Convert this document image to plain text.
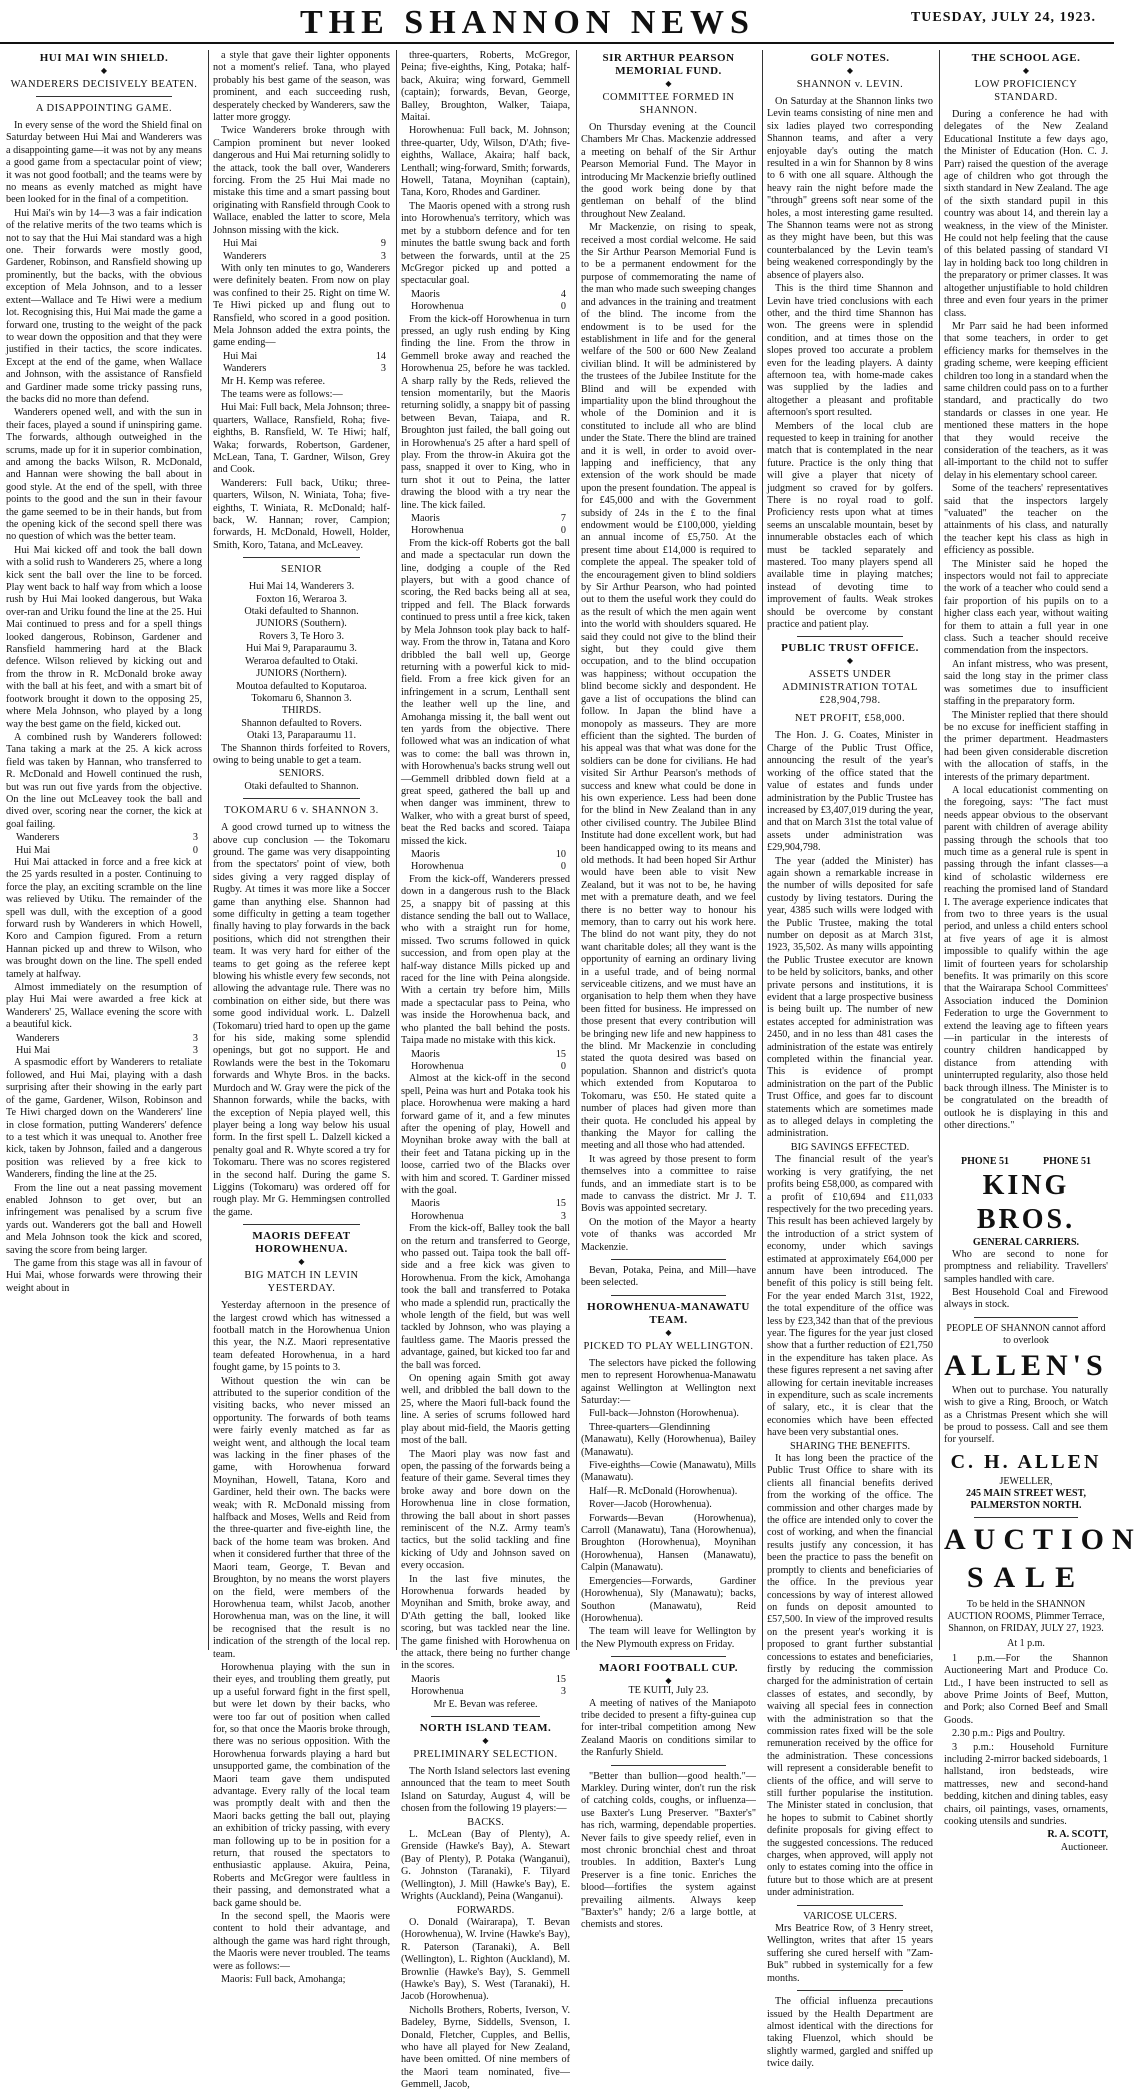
THE SHANNON NEWS	TUESDAY, JULY 24, 1923.
HUI MAI WIN SHIELD.
◆
WANDERERS DECISIVELY BEATEN.
A DISAPPOINTING GAME.

In every sense of the word the Shield final on Saturday between Hui Mai and Wanderers was a disappointing game—it was not by any means a good game from a spectacular point of view; it was not good football; and the teams were by no means as evenly matched as might have been looked for in the final of a competition.

Hui Mai's win by 14—3 was a fair indication of the relative merits of the two teams which is not to say that the Hui Mai standard was a high one. Their forwards were mostly good, Gardener, Robinson, and Ransfield showing up prominently, but the backs, with the obvious exception of Mela Johnson, and to a lesser extent—Wallace and Te Hiwi were a medium lot. Recognising this, Hui Mai made the game a forward one, trusting to the weight of the pack to wear down the opposition and that they were justified in their tactics, the score indicates. Except at the end of the game, when Wallace and Johnson, with the assistance of Ransfield and Gardiner made some tricky passing runs, the backs did no more than defend.

Wanderers opened well, and with the sun in their faces, played a sound if uninspiring game. The forwards, although outweighed in the scrums, made up for it in superior combination, and among the backs Wilson, R. McDonald, and Hannan were showing the ball about in good style. At the end of the spell, with three points to the good and the sun in their favour the game seemed to be in their hands, but from the opening kick of the second spell there was no question of which was the better team.

Hui Mai kicked off and took the ball down with a solid rush to Wanderers 25, where a long kick sent the ball over the line to be forced. Play went back to half way from which a loose rush by Hui Mai looked dangerous, but Waka over-ran and Uriku found the line at the 25. Hui Mai continued to press and for a spell things looked dangerous, Robinson, Gardener and Ransfield hammering hard at the Black defence. Wilson relieved by kicking out and from the throw in R. McDonald broke away with the ball at his feet, and with a smart bit of footwork brought it down to the opposing 25, where Mela Johnson, who played by a long way the best game on the field, kicked out.

A combined rush by Wanderers followed: Tana taking a mark at the 25. A kick across field was taken by Hannan, who transferred to R. McDonald and Howell continued the rush, but was run out five yards from the objective. On the line out McLeavey took the ball and dived over, scoring near the corner, the kick at goal failing.

Wanderers	3
Hui Mai	0

Hui Mai attacked in force and a free kick at the 25 yards resulted in a poster. Continuing to force the play, an exciting scramble on the line was relieved by Utiku. The remainder of the spell was dull, with the exception of a good forward rush by Wanderers in which Howell, Koro and Campion figured. From a return Hannan picked up and threw to Wilson, who was brought down on the line. The spell ended tamely at halfway.

Almost immediately on the resumption of play Hui Mai were awarded a free kick at Wanderers' 25, Wallace evening the score with a beautiful kick.

Wanderers	3
Hui Mai	3

A spasmodic effort by Wanderers to retaliate followed, and Hui Mai, playing with a dash surprising after their showing in the early part of the game, Gardener, Wilson, Robinson and Te Hiwi charged down on the Wanderers' line in close formation, putting Wanderers' defence to a test which it was unequal to. Another free kick, taken by Johnson, failed and a dangerous position was relieved by a free kick to Wanderers, finding the line at the 25.

From the line out a neat passing movement enabled Johnson to get over, but an infringement was penalised by a scrum five yards out. Wanderers got the ball and Howell and Mela Johnson took the kick and scored, saving the score from being larger.

The game from this stage was all in favour of Hui Mai, whose forwards were throwing their weight about in

a style that gave their lighter opponents not a moment's relief. Tana, who played probably his best game of the season, was prominent, and each succeeding rush, desperately checked by Wanderers, saw the latter more groggy.

Twice Wanderers broke through with Campion prominent but never looked dangerous and Hui Mai returning solidly to the attack, took the ball over, Wanderers forcing. From the 25 Hui Mai made no mistake this time and a smart passing bout originating with Ransfield through Cook to Wallace, enabled the latter to score, Mela Johnson missing with the kick.

Hui Mai	9
Wanderers	3

With only ten minutes to go, Wanderers were definitely beaten. From now on play was confined to their 25. Right on time W. Te Hiwi picked up and flung out to Ransfield, who scored in a good position. Mela Johnson added the extra points, the game ending—

Hui Mai	14
Wanderers	3

Mr H. Kemp was referee.

The teams were as follows:—

Hui Mai: Full back, Mela Johnson; three-quarters, Wallace, Ransfield, Roha; five-eighths, B. Ransfield, W. Te Hiwi; half, Waka; forwards, Robertson, Gardener, McLean, Tana, T. Gardner, Wilson, Grey and Cook.

Wanderers: Full back, Utiku; three-quarters, Wilson, N. Winiata, Toha; five-eighths, T. Winiata, R. McDonald; half-back, W. Hannan; rover, Campion; forwards, H. McDonald, Howell, Holder, Smith, Koro, Tatana, and McLeavey.

SENIOR
Hui Mai 14, Wanderers 3.
Foxton 16, Weraroa 3.
Otaki defaulted to Shannon.
JUNIORS (Southern).
Rovers 3, Te Horo 3.
Hui Mai 9, Paraparaumu 3.
Weraroa defaulted to Otaki.
JUNIORS (Northern).
Moutoa defaulted to Koputaroa.
Tokomaru 6, Shannon 3.
THIRDS.
Shannon defaulted to Rovers.
Otaki 13, Paraparaumu 11.

The Shannon thirds forfeited to Rovers, owing to being unable to get a team.

SENIORS.
Otaki defaulted to Shannon.
TOKOMARU 6 v. SHANNON 3.

A good crowd turned up to witness the above cup conclusion — the Tokomaru ground. The game was very disappointing from the spectators' point of view, both sides giving a very ragged display of Rugby. At times it was more like a Soccer game than anything else. Shannon had some difficulty in getting a team together finally having to play forwards in the back positions, which did not strengthen their team. It was very hard for either of the teams to get going as the referee kept blowing his whistle every few seconds, not allowing the advantage rule. There was no combination on either side, but there was some good individual work. L. Dalzell (Tokomaru) tried hard to open up the game for his side, making some splendid openings, but got no support. He and Rowlands were the best in the Tokomaru forwards and Whyte Bros. in the backs. Murdoch and W. Gray were the pick of the Shannon forwards, while the backs, with the exception of Nepia played well, this player being a long way below his usual form. In the first spell L. Dalzell kicked a penalty goal and R. Whyte scored a try for Tokomaru. There was no scores registered in the second half. During the game S. Liggins (Tokomaru) was ordered off for rough play. Mr G. Hemmingsen controlled the game.

MAORIS DEFEAT HOROWHENUA.
◆
BIG MATCH IN LEVIN YESTERDAY.

Yesterday afternoon in the presence of the largest crowd which has witnessed a football match in the Horowhenua Union this year, the N.Z. Maori representative team defeated Horowhenua, in a hard fought game, by 15 points to 3.

Without question the win can be attributed to the superior condition of the visiting backs, who never missed an opportunity. The forwards of both teams were fairly evenly matched as far as weight went, and although the local team was lacking in the finer phases of the game, with Horowhenua forward Moynihan, Howell, Tatana, Koro and Gardiner, held their own. The backs were weak; with R. McDonald missing from halfback and Moses, Wells and Reid from the three-quarter and five-eighth line, the back of the home team was broken. And when it considered further that three of the Maori team, George, T. Bevan and Broughton, by no means the worst players on the field, were members of the Horowhenua team, whilst Jacob, another Horowhenua man, was on the line, it will be recognised that the result is no indication of the strength of the local rep. team.

Horowhenua playing with the sun in their eyes, and troubling them greatly, put up a useful forward fight in the first spell, but were let down by their backs, who were too far out of position when called for, so that once the Maoris broke through, there was no serious opposition. With the Horowhenua forwards playing a hard but unsupported game, the combination of the Maori team gave them undisputed advantage. Every rally of the local team was promptly dealt with and then the Maori backs getting the ball out, playing an exhibition of tricky passing, with every man following up to be in position for a return, that roused the spectators to enthusiastic applause. Akuira, Peina, Roberts and McGregor were faultless in their passing, and demonstrated what a back game should be.

In the second spell, the Maoris were content to hold their advantage, and although the game was hard right through, the Maoris were never troubled. The teams were as follows:—

Maoris: Full back, Amohanga;

three-quarters, Roberts, McGregor, Peina; five-eighths, King, Potaka; half-back, Akuira; wing forward, Gemmell (captain); forwards, Bevan, George, Balley, Broughton, Walker, Taiapa, Maitai.

Horowhenua: Full back, M. Johnson; three-quarter, Udy, Wilson, D'Ath; five-eighths, Wallace, Akaira; half back, Lenthall; wing-forward, Smith; forwards, Howell, Tatana, Moynihan (captain), Tana, Koro, Rhodes and Gardiner.

The Maoris opened with a strong rush into Horowhenua's territory, which was met by a stubborn defence and for ten minutes the battle swung back and forth between the forwards, until at the 25 McGregor picked up and potted a spectacular goal.

Maoris	4
Horowhenua	0

From the kick-off Horowhenua in turn pressed, an ugly rush ending by King finding the line. From the throw in Gemmell broke away and reached the Horowhenua 25, before he was tackled. A sharp rally by the Reds, relieved the tension momentarily, but the Maoris returning solidly, a snappy bit of passing between Bevan, Taiapa, and R. Broughton just failed, the ball going out in Horowhenua's 25 after a hard spell of play. From the throw-in Akuira got the pass, snapped it over to King, who in turn shot it out to Peina, the latter drawing the blood with a try near the line. The kick failed.

Maoris	7
Horowhenua	0

From the kick-off Roberts got the ball and made a spectacular run down the line, dodging a couple of the Red players, but with a good chance of scoring, the Red backs being all at sea, tripped and fell. The Black forwards continued to press until a free kick, taken by Mela Johnson took play back to half-way. From the throw in, Tatana and Koro dribbled the ball well up, George returning with a powerful kick to mid-field. From a free kick given for an infringement in a scrum, Lenthall sent the leather well up the line, and Amohanga missing it, the ball went out ten yards from the objective. There followed what was an indication of what was to come: the ball was thrown in, with Horowhenua's backs strung well out—Gemmell dribbled down field at a great speed, gathered the ball up and when danger was imminent, threw to Walker, who with a great burst of speed, beat the Red backs and scored. Taiapa missed the kick.

Maoris	10
Horowhenua	0

From the kick-off, Wanderers pressed down in a dangerous rush to the Black 25, a snappy bit of passing at this distance sending the ball out to Wallace, who with a straight run for home, missed. Two scrums followed in quick succession, and from open play at the half-way distance Mills picked up and raced for the line with Peina alongside. With a certain try before him, Mills made a spectacular pass to Peina, who was inside the Horowhenua back, and who planted the ball behind the posts. Taipa made no mistake with this kick.

Maoris	15
Horowhenua	0

Almost at the kick-off in the second spell, Peina was hurt and Potaka took his place. Horowhenua were making a hard forward game of it, and a few minutes after the opening of play, Howell and Moynihan broke away with the ball at their feet and Tatana picking up in the loose, carried two of the Blacks over with him and scored. T. Gardiner missed with the goal.

Maoris	15
Horowhenua	3

From the kick-off, Balley took the ball on the return and transferred to George, who passed out. Taipa took the ball off-side and a free kick was given to Horowhenua. From the kick, Amohanga took the ball and transferred to Potaka who made a splendid run, practically the whole length of the field, but was well tackled by Johnson, who was playing a faultless game. The Maoris pressed the advantage, gained, but kicked too far and the ball was forced.

On opening again Smith got away well, and dribbled the ball down to the 25, where the Maori full-back found the line. A series of scrums followed hard play about mid-field, the Maoris getting most of the ball.

The Maori play was now fast and open, the passing of the forwards being a feature of their game. Several times they broke away and bore down on the Horowhenua line in close formation, throwing the ball about in short passes reminiscent of the N.Z. Army team's tactics, but the solid tackling and fine kicking of Udy and Johnson saved on every occasion.

In the last five minutes, the Horowhenua forwards headed by Moynihan and Smith, broke away, and D'Ath getting the ball, looked like scoring, but was tackled near the line. The game finished with Horowhenua on the attack, there being no further change in the scores.

Maoris	15
Horowhenua	3
Mr E. Bevan was referee.
NORTH ISLAND TEAM.
◆
PRELIMINARY SELECTION.

The North Island selectors last evening announced that the team to meet South Island on Saturday, August 4, will be chosen from the following 19 players:—

BACKS.

L. McLean (Bay of Plenty), A. Grenside (Hawke's Bay), A. Stewart (Bay of Plenty), P. Potaka (Wanganui), G. Johnston (Taranaki), F. Tilyard (Wellington), J. Mill (Hawke's Bay), E. Wrights (Auckland), Peina (Wanganui).

FORWARDS.

O. Donald (Wairarapa), T. Bevan (Horowhenua), W. Irvine (Hawke's Bay), R. Paterson (Taranaki), A. Bell (Wellington), L. Righton (Auckland), M. Brownlie (Hawke's Bay), S. Gemmell (Hawke's Bay), S. West (Taranaki), H. Jacob (Horowhenua).

Nicholls Brothers, Roberts, Iverson, V. Badeley, Byrne, Siddells, Svenson, I. Donald, Fletcher, Cupples, and Bellis, who have all played for New Zealand, have been omitted. Of nine members of the Maori team nominated, five—Gemmell, Jacob,

SIR ARTHUR PEARSON MEMORIAL FUND.
◆
COMMITTEE FORMED IN SHANNON.

On Thursday evening at the Council Chambers Mr Chas. Mackenzie addressed a meeting on behalf of the Sir Arthur Pearson Memorial Fund. The Mayor in introducing Mr Mackenzie briefly outlined the good work being done by that gentleman on behalf of the blind throughout New Zealand.

Mr Mackenzie, on rising to speak, received a most cordial welcome. He said the Sir Arthur Pearson Memorial Fund is to be a permanent endowment for the purpose of commemorating the name of the man who made such sweeping changes and advances in the training and treatment of the blind. The income from the endowment is to be used for the establishment in life and for the general welfare of the 500 or 600 New Zealand civilian blind. It will be administered by the trustees of the Jubilee Institute for the Blind and will be expended with impartiality upon the blind throughout the whole of the Dominion and it is constituted to include all who are blind under the State. There the blind are trained and it is well, in order to avoid over-lapping and inefficiency, that any extension of the work should be made upon the present foundation. The appeal is for £45,000 and with the Government subsidy of 24s in the £ to the final endowment would be £100,000, yielding an annual income of £5,750. At the present time about £14,000 is required to complete the appeal. The speaker told of the encouragement given to blind soldiers by Sir Arthur Pearson, who had pointed out to them the useful work they could do as the result of which the men again went into the world with shoulders squared. He said they could not give to the blind their sight, but they could give them occupation, and to the blind occupation was happiness; without occupation the blind become sickly and despondent. He gave a list of occupations the blind can follow. In Japan the blind have a monopoly as masseurs. They are more efficient than the sighted. The burden of his appeal was that what was done for the soldiers can be done for civilians. He had visited Sir Arthur Pearson's methods of success and knew what could be done in his own experience. Less had been done for the blind in New Zealand than in any other civilised country. The Jubilee Blind Institute had done excellent work, but had been handicapped owing to its means and old methods. It had been hoped Sir Arthur would have been able to visit New Zealand, but it was not to be, he having met with a premature death, and we feel there is no better way to honour his memory, than to carry out his work here. The blind do not want pity, they do not want charitable doles; all they want is the opportunity of earning an ordinary living in a useful trade, and of being normal serviceable citizens, and we must have an organisation to help them when they have been fitted for business. He impressed on those present that every contribution will be bringing new life and new happiness to the blind. Mr Mackenzie in concluding stated the quota desired was based on population. Shannon and district's quota which extended from Koputaroa to Tokomaru, was £50. He stated quite a number of places had given more than their quota. He concluded his appeal by thanking the Mayor for calling the meeting and all those who had attended.

It was agreed by those present to form themselves into a committee to raise funds, and an immediate start is to be made to canvass the district. Mr J. T. Bovis was appointed secretary.

On the motion of the Mayor a hearty vote of thanks was accorded Mr Mackenzie.

Bevan, Potaka, Peina, and Mill—have been selected.

HOROWHENUA-MANAWATU TEAM.
◆
PICKED TO PLAY WELLINGTON.

The selectors have picked the following men to represent Horowhenua-Manawatu against Wellington at Wellington next Saturday:—

Full-back—Johnston (Horowhenua).

Three-quarters—Glendinning (Manawatu), Kelly (Horowhenua), Bailey (Manawatu).

Five-eighths—Cowie (Manawatu), Mills (Manawatu).

Half—R. McDonald (Horowhenua).

Rover—Jacob (Horowhenua).

Forwards—Bevan (Horowhenua), Carroll (Manawatu), Tana (Horowhenua), Broughton (Horowhenua), Moynihan (Horowhenua), Hansen (Manawatu), Calpin (Manawatu).

Emergencies—Forwards, Gardiner (Horowhenua), Sly (Manawatu); backs, Southon (Manawatu), Reid (Horowhenua).

The team will leave for Wellington by the New Plymouth express on Friday.

MAORI FOOTBALL CUP.
◆
TE KUITI, July 23.

A meeting of natives of the Maniapoto tribe decided to present a fifty-guinea cup for inter-tribal competition among New Zealand Maoris on conditions similar to the Ranfurly Shield.

"Better than bullion—good health."—Markley. During winter, don't run the risk of catching colds, coughs, or influenza—use Baxter's Lung Preserver. "Baxter's" has rich, warming, dependable properties. Never fails to give speedy relief, even in most chronic bronchial chest and throat troubles. In addition, Baxter's Lung Preserver is a fine tonic. Enriches the blood—fortifies the system against prevailing ailments. Always keep "Baxter's" handy; 2/6 a large bottle, at chemists and stores.

GOLF NOTES.
◆
SHANNON v. LEVIN.

On Saturday at the Shannon links two Levin teams consisting of nine men and six ladies played two corresponding Shannon teams, and after a very enjoyable day's outing the match resulted in a win for Shannon by 8 wins to 6 with one all square. Although the heavy rain the night before made the "through" greens soft near some of the holes, a most interesting game resulted. The Shannon teams were not as strong as they might have been, but this was counterbalanced by the Levin team's being weakened correspondingly by the absence of players also.

This is the third time Shannon and Levin have tried conclusions with each other, and the third time Shannon has won. The greens were in splendid condition, and at times those on the slopes proved too accurate a problem even for the leading players. A dainty afternoon tea, with home-made cakes was supplied by the ladies and altogether a pleasant and profitable afternoon's sport resulted.

Members of the local club are requested to keep in training for another match that is contemplated in the near future. Practice is the only thing that will give a player that nicety of judgment so craved for by golfers. There is no royal road to golf. Proficiency rests upon what at times seems an unscalable mountain, beset by innumerable obstacles each of which must be tackled separately and mastered. Too many players spend all available time in playing matches; instead of devoting time to improvement of faults. Weak strokes should be overcome by constant practice and patient play.

PUBLIC TRUST OFFICE.
◆
ASSETS UNDER ADMINISTRATION TOTAL £28,904,798.
NET PROFIT, £58,000.

The Hon. J. G. Coates, Minister in Charge of the Public Trust Office, announcing the result of the year's working of the office stated that the value of estates and funds under administration by the Public Trustee has increased by £3,407,019 during the year, and that on March 31st the total value of assets under administration was £29,904,798.

The year (added the Minister) has again shown a remarkable increase in the number of wills deposited for safe custody by living testators. During the year, 4385 such wills were lodged with the Public Trustee, making the total number on deposit as at March 31st, 1923, 35,502. As many wills appointing the Public Trustee executor are known to be held by solicitors, banks, and other private persons and institutions, it is evident that a large prospective business is being built up. The number of new estates accepted for administration was 2450, and in no less than 481 cases the administration of the estate was entirely completed within the financial year. This is evidence of prompt administration on the part of the Public Trust Office, and goes far to discount statements which are sometimes made as to alleged delays in completing the administration.

BIG SAVINGS EFFECTED.

The financial result of the year's working is very gratifying, the net profits being £58,000, as compared with a profit of £10,694 and £11,033 respectively for the two preceding years. This result has been achieved largely by the introduction of a strict system of economy, under which savings estimated at approximately £64,000 per annum have been introduced. The benefit of this policy is still being felt. For the year ended March 31st, 1922, the total expenditure of the office was less by £23,342 than that of the previous year. The figures for the year just closed show that a further reduction of £21,750 in the expenditure has taken place. As these figures represent a net saving after allowing for certain inevitable increases in expenditure, such as scale increments of salary, etc., it is clear that the economies which have been effected have been very substantial ones.

SHARING THE BENEFITS.

It has long been the practice of the Public Trust Office to share with its clients all financial benefits derived from the working of the office. The commission and other charges made by the office are intended only to cover the cost of working, and when the financial results justify any concession, it has been the practice to pass the benefit on promptly to clients and beneficiaries of the office. In the previous year concessions by way of interest allowed on funds on deposit amounted to £57,500. In view of the improved results on the present year's working it is proposed to grant further substantial concessions to estates and beneficiaries, firstly by reducing the commission charged for the administration of certain classes of estates, and secondly, by waiving all special fees in connection with the administration so that the commission rates fixed will be the sole remuneration received by the office for the administration. These concessions will represent a considerable benefit to clients of the office, and will serve to still further popularise the institution. The Minister stated in conclusion, that he hopes to submit to Cabinet shortly definite proposals for giving effect to the suggested concessions. The reduced charges, when approved, will apply not only to estates coming into the office in future but to those which are at present under administration.

VARICOSE ULCERS.

Mrs Beatrice Row, of 3 Henry street, Wellington, writes that after 15 years suffering she cured herself with "Zam-Buk" rubbed in systemically for a few months.

The official influenza precautions issued by the Health Department are almost identical with the directions for taking Fluenzol, which should be slightly warmed, gargled and sniffed up twice daily.

THE SCHOOL AGE.
◆
LOW PROFICIENCY STANDARD.

During a conference he had with delegates of the New Zealand Educational Institute a few days ago, the Minister of Education (Hon. C. J. Parr) raised the question of the average age of children who got through the sixth standard in New Zealand. The age of the sixth standard pupil in this country was about 14, and therein lay a weakness, in the view of the Minister. He could not help feeling that the cause of this belated passing of standard VI lay in holding back too long children in the preparatory or primer classes. It was altogether unjustifiable to hold children three and even four years in the primer class.

Mr Parr said he had been informed that some teachers, in order to get efficiency marks for themselves in the grading scheme, were keeping efficient children too long in a standard when the same children could pass on to a further standard, and practically do two standards or classes in one year. He mentioned these matters in the hope that they would receive the consideration of the teachers, as it was all-important to the child not to suffer delay in his elementary school career.

Some of the teachers' representatives said that the inspectors largely "valuated" the teacher on the attainments of his class, and naturally the teacher kept his class as high in efficiency as possible.

The Minister said he hoped the inspectors would not fail to appreciate the work of a teacher who could send a fair proportion of his pupils on to a higher class each year, without waiting for them to attain a full year in one class. Such a teacher should receive commendation from the inspectors.

An infant mistress, who was present, said the long stay in the primer class was sometimes due to insufficient staffing in the preparatory form.

The Minister replied that there should be no excuse for inefficient staffing in the primer department. Headmasters had been given considerable discretion with the allocation of staffs, in the interests of the primary department.

A local educationist commenting on the foregoing, says: "The fact must needs appear obvious to the observant parent with children of average ability passing through the schools that too much time as a general rule is spent in passing through the infant classes—a kind of scholastic wilderness ere reaching the promised land of Standard I. The average experience indicates that from two to three years is the usual period, and unless a child enters school at five years of age it is almost impossible to qualify within the age limit of fourteen years for scholarship benefits. It was primarily on this score that the Wairarapa School Committees' Association induced the Dominion Federation to urge the Government to extend the leaving age to fifteen years—in particular in the interests of country children handicapped by distance from attending with uninterrupted regularity, also those held back through illness. The Minister is to be congratulated on the breadth of outlook he is displaying in this and other directions."

PHONE 51	PHONE 51
KING BROS.
GENERAL CARRIERS.

Who are second to none for promptness and reliability. Travellers' samples handled with care.

Best Household Coal and Firewood always in stock.

PEOPLE OF SHANNON cannot afford to overlook
ALLEN'S

When out to purchase. You naturally wish to give a Ring, Brooch, or Watch as a Christmas Present which she will be proud to possess. Call and see them for yourself.

C. H. ALLEN
JEWELLER,
245 MAIN STREET WEST, PALMERSTON NORTH.
AUCTION
SALE
To be held in the SHANNON AUCTION ROOMS, Plimmer Terrace, Shannon, on FRIDAY, JULY 27, 1923.
At 1 p.m.

1 p.m.—For the Shannon Auctioneering Mart and Produce Co. Ltd., I have been instructed to sell as above Prime Joints of Beef, Mutton, and Pork; also Corned Beef and Small Goods.

2.30 p.m.: Pigs and Poultry.

3 p.m.: Household Furniture including 2-mirror backed sideboards, 1 hallstand, iron bedsteads, wire mattresses, new and second-hand bedding, kitchen and dining tables, easy chairs, oil paintings, vases, ornaments, cooking utensils and sundries.

R. A. SCOTT,
Auctioneer.
